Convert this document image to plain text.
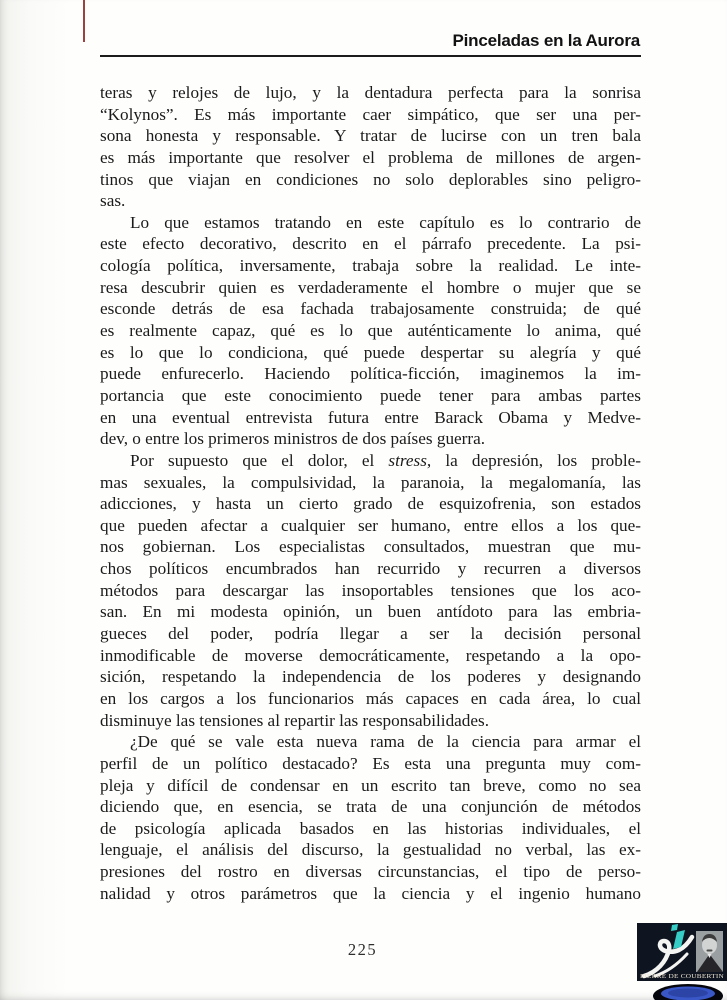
Pinceladas en la Aurora
teras y relojes de lujo, y la dentadura perfecta para la sonrisa
“Kolynos”. Es más importante caer simpático, que ser una per-
sona honesta y responsable. Y tratar de lucirse con un tren bala
es más importante que resolver el problema de millones de argen-
tinos que viajan en condiciones no solo deplorables sino peligro-
sas.
Lo que estamos tratando en este capítulo es lo contrario de
este efecto decorativo, descrito en el párrafo precedente. La psi-
cología política, inversamente, trabaja sobre la realidad. Le inte-
resa descubrir quien es verdaderamente el hombre o mujer que se
esconde detrás de esa fachada trabajosamente construida; de qué
es realmente capaz, qué es lo que auténticamente lo anima, qué
es lo que lo condiciona, qué puede despertar su alegría y qué
puede enfurecerlo. Haciendo política-ficción, imaginemos la im-
portancia que este conocimiento puede tener para ambas partes
en una eventual entrevista futura entre Barack Obama y Medve-
dev, o entre los primeros ministros de dos países guerra.
Por supuesto que el dolor, el stress, la depresión, los proble-
mas sexuales, la compulsividad, la paranoia, la megalomanía, las
adicciones, y hasta un cierto grado de esquizofrenia, son estados
que pueden afectar a cualquier ser humano, entre ellos a los que-
nos gobiernan. Los especialistas consultados, muestran que mu-
chos políticos encumbrados han recurrido y recurren a diversos
métodos para descargar las insoportables tensiones que los aco-
san. En mi modesta opinión, un buen antídoto para las embria-
gueces del poder, podría llegar a ser la decisión personal
inmodificable de moverse democráticamente, respetando a la opo-
sición, respetando la independencia de los poderes y designando
en los cargos a los funcionarios más capaces en cada área, lo cual
disminuye las tensiones al repartir las responsabilidades.
¿De qué se vale esta nueva rama de la ciencia para armar el
perfil de un político destacado? Es esta una pregunta muy com-
pleja y difícil de condensar en un escrito tan breve, como no sea
diciendo que, en esencia, se trata de una conjunción de métodos
de psicología aplicada basados en las historias individuales, el
lenguaje, el análisis del discurso, la gestualidad no verbal, las ex-
presiones del rostro en diversas circunstancias, el tipo de perso-
nalidad y otros parámetros que la ciencia y el ingenio humano
225
PIERRE DE COUBERTIN
